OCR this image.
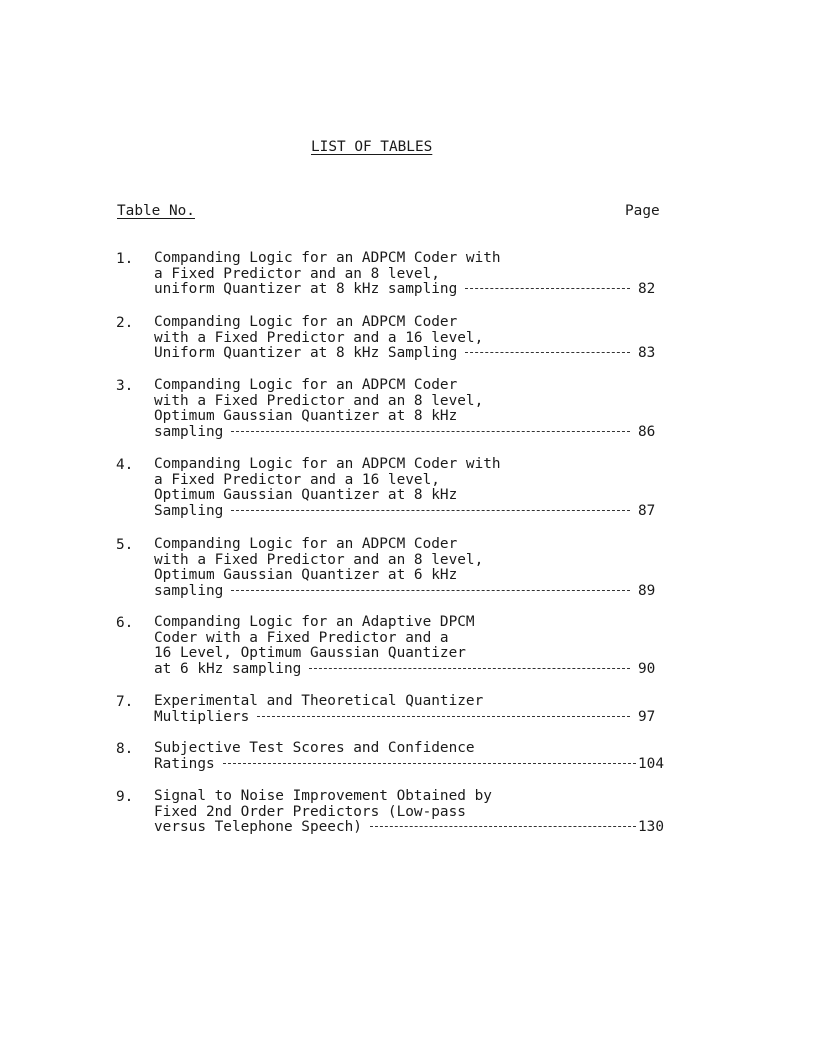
LIST OF TABLES
Table No.	Page
1. Companding Logic for an ADPCM Coder with
a Fixed Predictor and an 8 level,
uniform Quantizer at 8 kHz sampling	82
2. Companding Logic for an ADPCM Coder
with a Fixed Predictor and a 16 level,
Uniform Quantizer at 8 kHz Sampling	83
3. Companding Logic for an ADPCM Coder
with a Fixed Predictor and an 8 level,
Optimum Gaussian Quantizer at 8 kHz
sampling	86
4. Companding Logic for an ADPCM Coder with
a Fixed Predictor and a 16 level,
Optimum Gaussian Quantizer at 8 kHz
Sampling	87
5. Companding Logic for an ADPCM Coder
with a Fixed Predictor and an 8 level,
Optimum Gaussian Quantizer at 6 kHz
sampling	89
6. Companding Logic for an Adaptive DPCM
Coder with a Fixed Predictor and a
16 Level, Optimum Gaussian Quantizer
at 6 kHz sampling	90
7. Experimental and Theoretical Quantizer
Multipliers	97
8. Subjective Test Scores and Confidence
Ratings	104
9. Signal to Noise Improvement Obtained by
Fixed 2nd Order Predictors (Low-pass
versus Telephone Speech)	130
